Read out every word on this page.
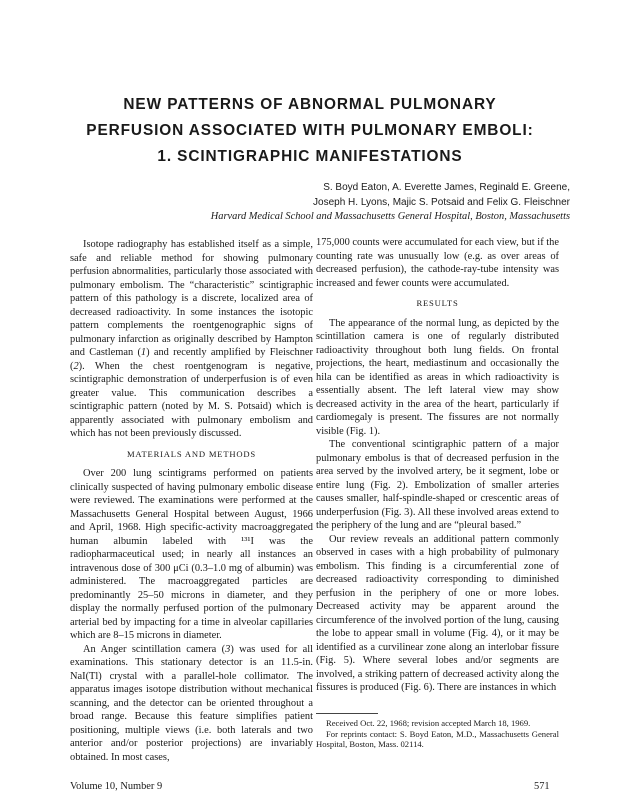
NEW PATTERNS OF ABNORMAL PULMONARY
PERFUSION ASSOCIATED WITH PULMONARY EMBOLI:
1. SCINTIGRAPHIC MANIFESTATIONS
S. Boyd Eaton, A. Everette James, Reginald E. Greene,
Joseph H. Lyons, Majic S. Potsaid and Felix G. Fleischner
Harvard Medical School and Massachusetts General Hospital, Boston, Massachusetts

Isotope radiography has established itself as a simple, safe and reliable method for showing pulmonary perfusion abnormalities, particularly those associated with pulmonary embolism. The “characteristic” scintigraphic pattern of this pathology is a discrete, localized area of decreased radioactivity. In some instances the isotopic pattern complements the roentgenographic signs of pulmonary infarction as originally described by Hampton and Castleman (1) and recently amplified by Fleischner (2). When the chest roentgenogram is negative, scintigraphic demonstration of underperfusion is of even greater value. This communication describes a scintigraphic pattern (noted by M. S. Potsaid) which is apparently associated with pulmonary embolism and which has not been previously discussed.

MATERIALS AND METHODS

Over 200 lung scintigrams performed on patients clinically suspected of having pulmonary embolic disease were reviewed. The examinations were performed at the Massachusetts General Hospital between August, 1966 and April, 1968. High specific-activity macroaggregated human albumin labeled with ¹³¹I was the radiopharmaceutical used; in nearly all instances an intravenous dose of 300 μCi (0.3–1.0 mg of albumin) was administered. The macroaggregated particles are predominantly 25–50 microns in diameter, and they display the normally perfused portion of the pulmonary arterial bed by impacting for a time in alveolar capillaries which are 8–15 microns in diameter.

An Anger scintillation camera (3) was used for all examinations. This stationary detector is an 11.5-in. NaI(Tl) crystal with a parallel-hole collimator. The apparatus images isotope distribution without mechanical scanning, and the detector can be oriented throughout a broad range. Because this feature simplifies patient positioning, multiple views (i.e. both laterals and two anterior and/or posterior projections) are invariably obtained. In most cases,

175,000 counts were accumulated for each view, but if the counting rate was unusually low (e.g. as over areas of decreased perfusion), the cathode-ray-tube intensity was increased and fewer counts were accumulated.

RESULTS

The appearance of the normal lung, as depicted by the scintillation camera is one of regularly distributed radioactivity throughout both lung fields. On frontal projections, the heart, mediastinum and occasionally the hila can be identified as areas in which radioactivity is essentially absent. The left lateral view may show decreased activity in the area of the heart, particularly if cardiomegaly is present. The fissures are not normally visible (Fig. 1).

The conventional scintigraphic pattern of a major pulmonary embolus is that of decreased perfusion in the area served by the involved artery, be it segment, lobe or entire lung (Fig. 2). Embolization of smaller arteries causes smaller, half-spindle-shaped or crescentic areas of underperfusion (Fig. 3). All these involved areas extend to the periphery of the lung and are “pleural based.”

Our review reveals an additional pattern commonly observed in cases with a high probability of pulmonary embolism. This finding is a circumferential zone of decreased radioactivity corresponding to diminished perfusion in the periphery of one or more lobes. Decreased activity may be apparent around the circumference of the involved portion of the lung, causing the lobe to appear small in volume (Fig. 4), or it may be identified as a curvilinear zone along an interlobar fissure (Fig. 5). Where several lobes and/or segments are involved, a striking pattern of decreased activity along the fissures is produced (Fig. 6). There are instances in which

Received Oct. 22, 1968; revision accepted March 18, 1969.
For reprints contact: S. Boyd Eaton, M.D., Massachusetts General Hospital, Boston, Mass. 02114.
Volume 10, Number 9	571
